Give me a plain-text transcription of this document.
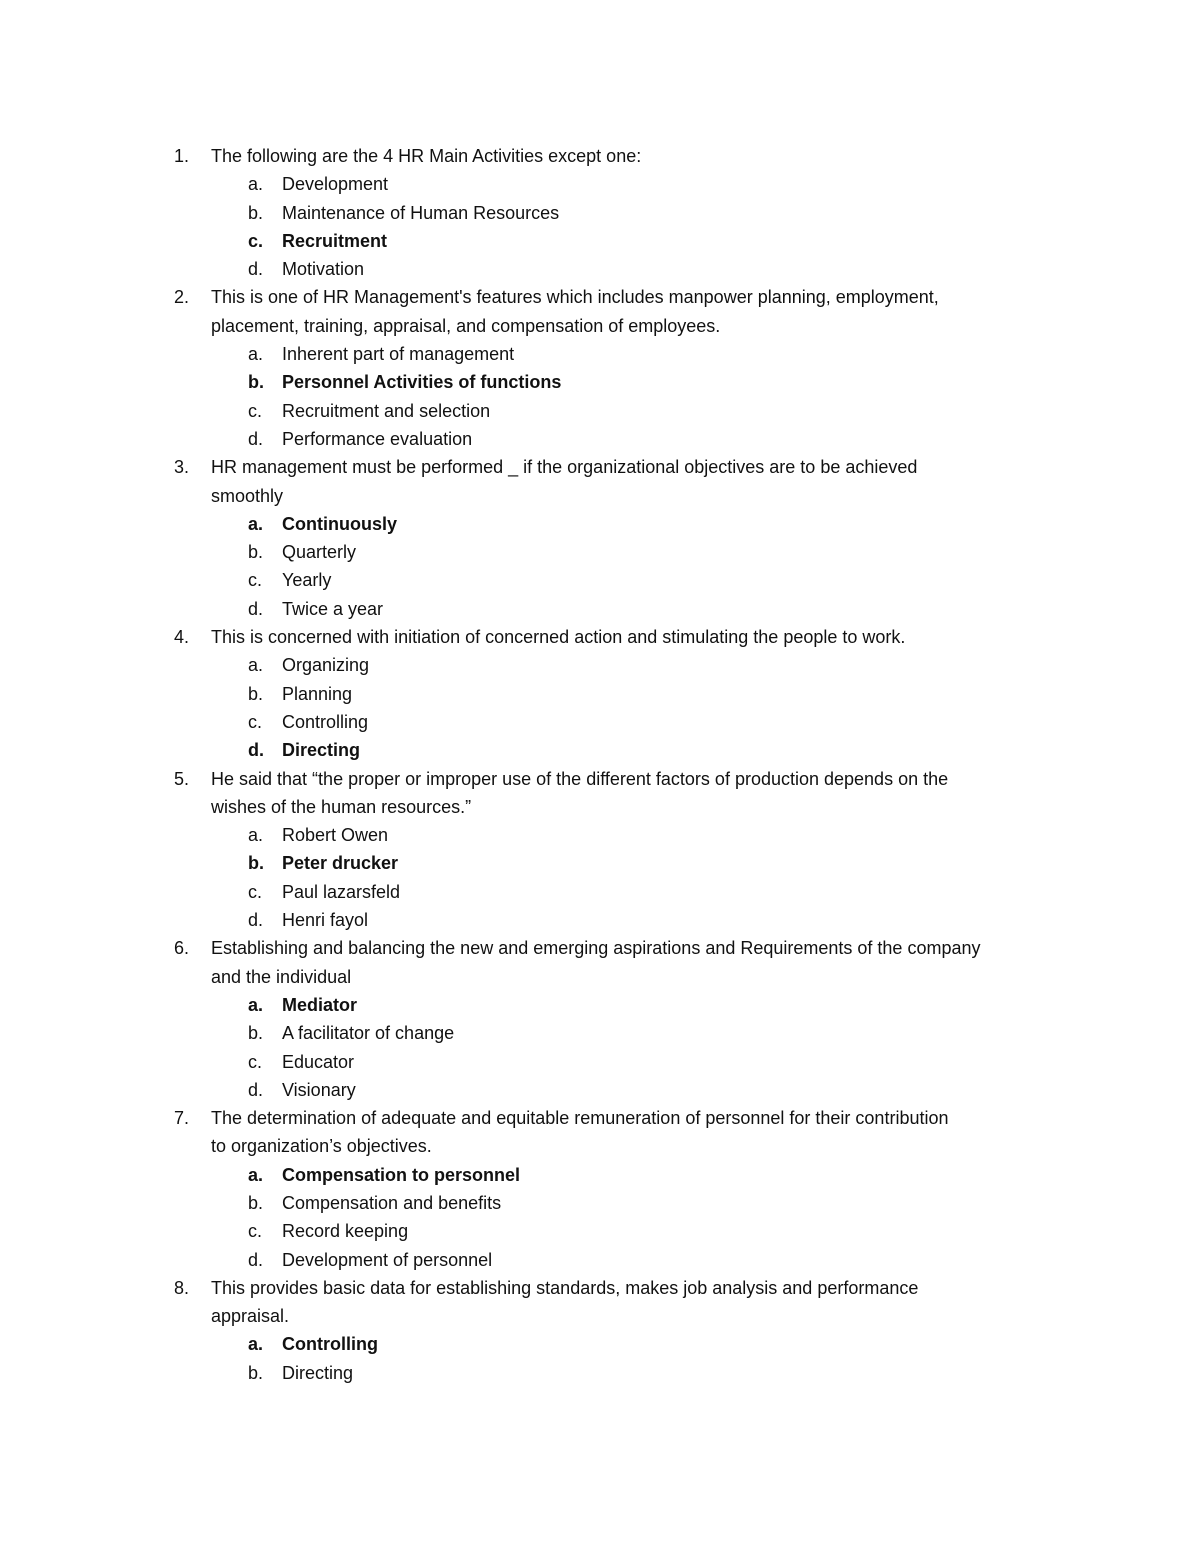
1.	The following are the 4 HR Main Activities except one:
a.	Development
b.	Maintenance of Human Resources
c.	Recruitment
d.	Motivation
2.	This is one of HR Management's features which includes manpower planning, employment,
placement, training, appraisal, and compensation of employees.
a.	Inherent part of management
b.	Personnel Activities of functions
c.	Recruitment and selection
d.	Performance evaluation
3.	HR management must be performed _ if the organizational objectives are to be achieved
smoothly
a.	Continuously
b.	Quarterly
c.	Yearly
d.	Twice a year
4.	This is concerned with initiation of concerned action and stimulating the people to work.
a.	Organizing
b.	Planning
c.	Controlling
d.	Directing
5.	He said that “the proper or improper use of the different factors of production depends on the
wishes of the human resources.”
a.	Robert Owen
b.	Peter drucker
c.	Paul lazarsfeld
d.	Henri fayol
6.	Establishing and balancing the new and emerging aspirations and Requirements of the company
and the individual
a.	Mediator
b.	A facilitator of change
c.	Educator
d.	Visionary
7.	The determination of adequate and equitable remuneration of personnel for their contribution
to organization’s objectives.
a.	Compensation to personnel
b.	Compensation and benefits
c.	Record keeping
d.	Development of personnel
8.	This provides basic data for establishing standards, makes job analysis and performance
appraisal.
a.	Controlling
b.	Directing
